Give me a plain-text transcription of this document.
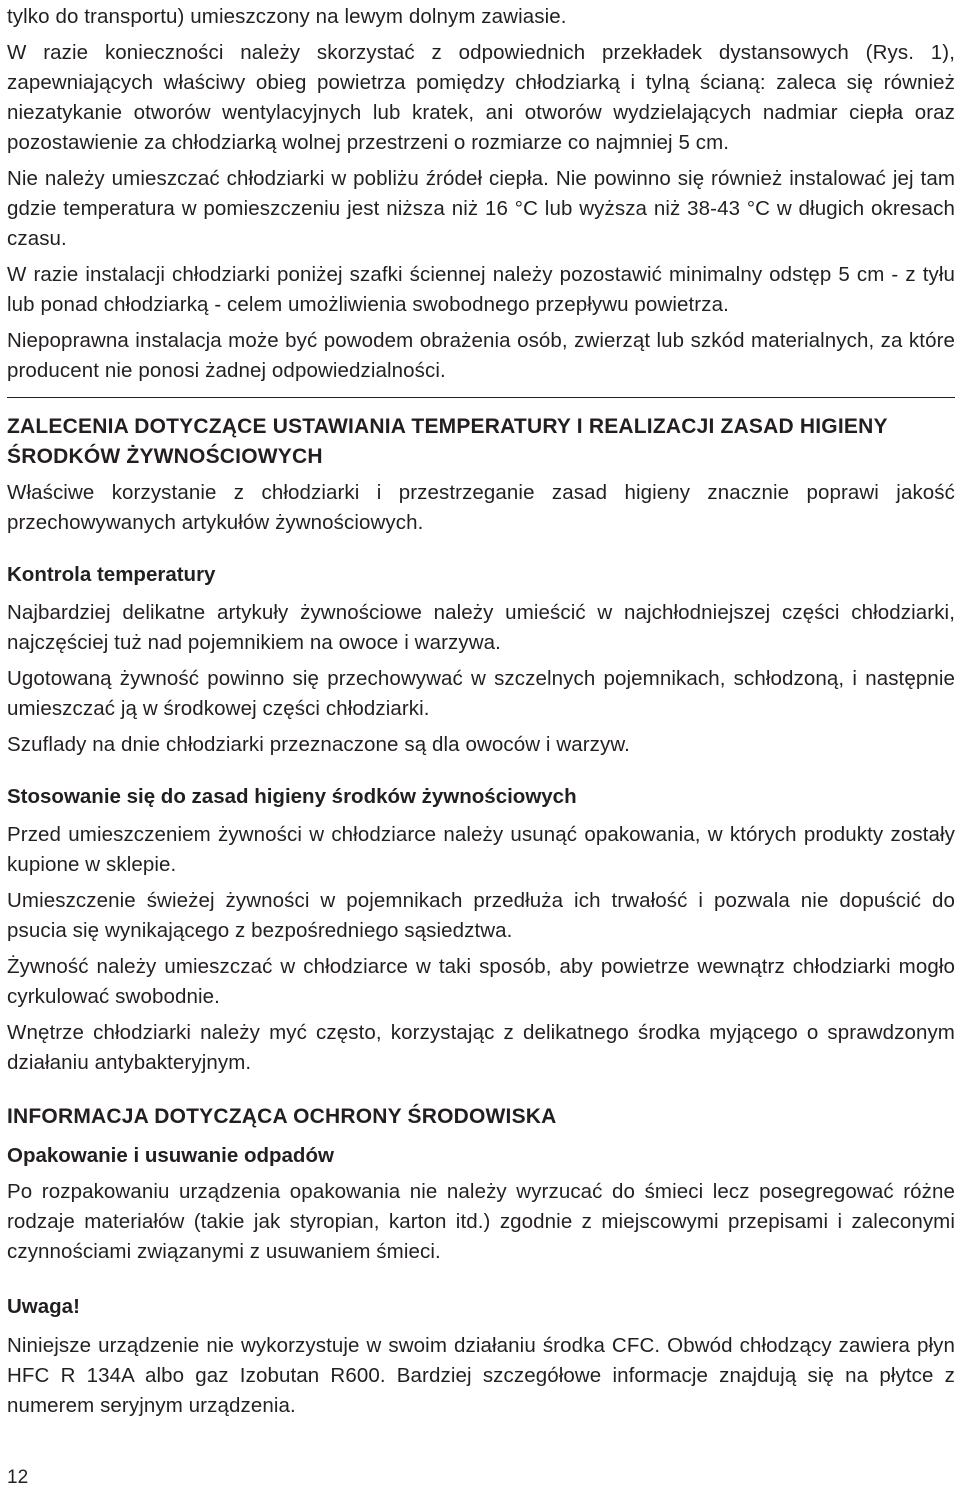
tylko do transportu) umieszczony na lewym dolnym zawiasie.

W razie konieczności należy skorzystać z odpowiednich przekładek dystansowych (Rys. 1), zapewniających właściwy obieg powietrza pomiędzy chłodziarką i tylną ścianą: zaleca się również niezatykanie otworów wentylacyjnych lub kratek, ani otworów wydzielających nadmiar ciepła oraz pozostawienie za chłodziarką wolnej przestrzeni o rozmiarze co najmniej 5 cm.

Nie należy umieszczać chłodziarki w pobliżu źródeł ciepła. Nie powinno się również instalować jej tam gdzie temperatura w pomieszczeniu jest niższa niż 16 °C lub wyższa niż 38-43 °C w długich okresach czasu.

W razie instalacji chłodziarki poniżej szafki ściennej należy pozostawić minimalny odstęp 5 cm - z tyłu lub ponad chłodziarką - celem umożliwienia swobodnego przepływu powietrza.

Niepoprawna instalacja może być powodem obrażenia osób, zwierząt lub szkód materialnych, za które producent nie ponosi żadnej odpowiedzialności.

ZALECENIA DOTYCZĄCE USTAWIANIA TEMPERATURY I REALIZACJI ZASAD HIGIENY ŚRODKÓW ŻYWNOŚCIOWYCH

Właściwe korzystanie z chłodziarki i przestrzeganie zasad higieny znacznie poprawi jakość przechowywanych artykułów żywnościowych.

Kontrola temperatury

Najbardziej delikatne artykuły żywnościowe należy umieścić w najchłodniejszej części chłodziarki, najczęściej tuż nad pojemnikiem na owoce i warzywa.

Ugotowaną żywność powinno się przechowywać w szczelnych pojemnikach, schłodzoną, i następnie umieszczać ją w środkowej części chłodziarki.

Szuflady na dnie chłodziarki przeznaczone są dla owoców i warzyw.

Stosowanie się do zasad higieny środków żywnościowych

Przed umieszczeniem żywności w chłodziarce należy usunąć opakowania, w których produkty zostały kupione w sklepie.

Umieszczenie świeżej żywności w pojemnikach przedłuża ich trwałość i pozwala nie dopuścić do psucia się wynikającego z bezpośredniego sąsiedztwa.

Żywność należy umieszczać w chłodziarce w taki sposób, aby powietrze wewnątrz chłodziarki mogło cyrkulować swobodnie.

Wnętrze chłodziarki należy myć często, korzystając z delikatnego środka myjącego o sprawdzonym działaniu antybakteryjnym.

INFORMACJA DOTYCZĄCA OCHRONY ŚRODOWISKA
Opakowanie i usuwanie odpadów

Po rozpakowaniu urządzenia opakowania nie należy wyrzucać do śmieci lecz posegregować różne rodzaje materiałów (takie jak styropian, karton itd.) zgodnie z miejscowymi przepisami i zaleconymi czynnościami związanymi z usuwaniem śmieci.

Uwaga!

Niniejsze urządzenie nie wykorzystuje w swoim działaniu środka CFC. Obwód chłodzący zawiera płyn HFC R 134A albo gaz Izobutan R600. Bardziej szczegółowe informacje znajdują się na płytce z numerem seryjnym urządzenia.

12
